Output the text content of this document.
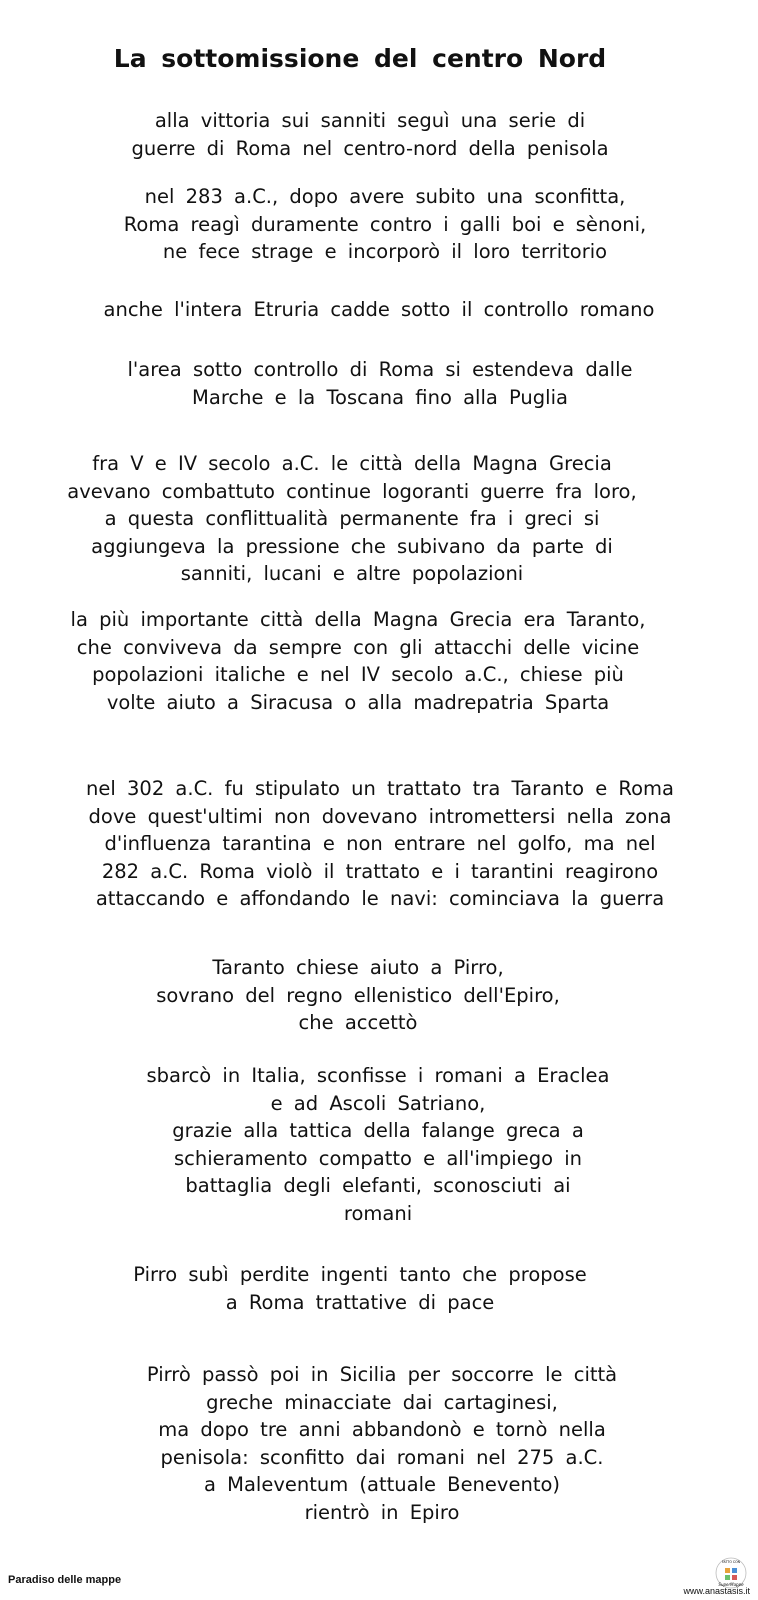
La sottomissione del centro Nord
alla vittoria sui sanniti seguì una serie di
guerre di Roma nel centro-nord della penisola
nel 283 a.C., dopo avere subito una sconfitta,
Roma reagì duramente contro i galli boi e sènoni,
ne fece strage e incorporò il loro territorio
anche l'intera Etruria cadde sotto il controllo romano
l'area sotto controllo di Roma si estendeva dalle
Marche e la Toscana fino alla Puglia
fra V e IV secolo a.C. le città della Magna Grecia
avevano combattuto continue logoranti guerre fra loro,
a questa conflittualità permanente fra i greci si
aggiungeva la pressione che subivano da parte di
sanniti, lucani e altre popolazioni
la più importante città della Magna Grecia era Taranto,
che conviveva da sempre con gli attacchi delle vicine
popolazioni italiche e nel IV secolo a.C., chiese più
volte aiuto a Siracusa o alla madrepatria Sparta
nel 302 a.C. fu stipulato un trattato tra Taranto e Roma
dove quest'ultimi non dovevano intromettersi nella zona
d'influenza tarantina e non entrare nel golfo, ma nel
282 a.C. Roma violò il trattato e i tarantini reagirono
attaccando e affondando le navi: cominciava la guerra
Taranto chiese aiuto a Pirro,
sovrano del regno ellenistico dell'Epiro,
che accettò
sbarcò in Italia, sconfisse i romani a Eraclea
e ad Ascoli Satriano,
grazie alla tattica della falange greca a
schieramento compatto e all'impiego in
battaglia degli elefanti, sconosciuti ai
romani
Pirro subì perdite ingenti tanto che propose
a Roma trattative di pace
Pirrò passò poi in Sicilia per soccorre le città
greche minacciate dai cartaginesi,
ma dopo tre anni abbandonò e tornò nella
penisola: sconfitto dai romani nel 275 a.C.
a Maleventum (attuale Benevento)
rientrò in Epiro
Paradiso delle mappe
FATTO CON
SuperMappe
www.anastasis.it
